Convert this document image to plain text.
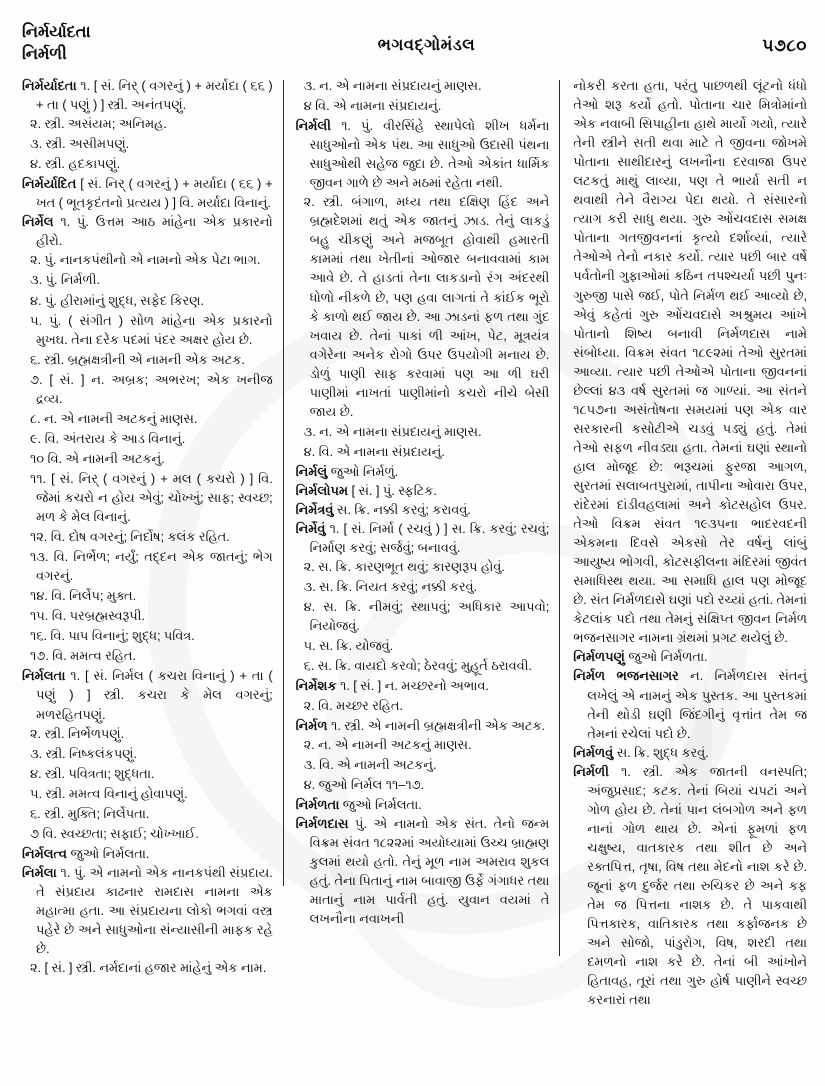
નિર્મર્યાદતા
નિર્મળી	ભગવદ્ગોમંડલ	૫૭૮૦
નિર્મર્યાદતા ૧. [ સં. નિર્ ( વગરનું ) + મર્યાદા ( ૬૬ ) + તા ( પણું ) ] સ્ત્રી. અનંતપણું.
૨. સ્ત્રી. અસંયમ; અનિમહ.
૩. સ્ત્રી. અસીમપણું.
૪. સ્ત્રી. હદકાપણું.
નિર્મર્યાદિત [ સં. નિર્ ( વગરનું ) + મર્યાદા ( ૬૬ ) + ખત ( ભૂતકૃદંતનો પ્રત્યય ) ] વિ. મર્યાદા વિનાનું.
નિર્મેલ ૧. પું. ઉત્તમ આઠ માંહેના એક પ્રકારનો હીરો.
૨. પું. નાનકપંથીનો એ નામનો એક પેટા ભાગ.
૩. પું. નિર્મળી.
૪. પું. હીરામાંનું શુદ્ધ, સફેદ કિરણ.
૫. પું. ( સંગીત ) સોળ માંહેના એક પ્રકારનો મુખઘ. તેના દરેક પદમાં પંદર અક્ષર હોય છે.
૬. સ્ત્રી. બ્રહ્મક્ષત્રીની એ નામની એક અટક.
૭. [ સં. ] ન. અબ્રક; અભરખ; એક ખનીજ દ્રવ્ય.
૮. ન. એ નામની અટકનું માણસ.
૯. વિ. અંતરાય કે આડ વિનાનું.
૧૦ વિ. એ નામની અટકનું.
૧૧. [ સં. નિર્ ( વગરનું ) + મલ ( કચરો ) ] વિ. જેમાં કચરો ન હોય એવું; ચોખ્ખું; સાફ; સ્વચ્છ; મળ કે મેલ વિનાનું.
૧૨. વિ. દોષ વગરનું; નિર્દોષ; કલંક રહિત.
૧૩. વિ. નિર્ભેળ; નર્યું; તદ્દન એક જાતનું; ભેગ વગરનું.
૧૪. વિ. નિર્લેપ; મુક્ત.
૧૫. વિ. પરબ્રહ્મસ્વરૂપી.
૧૬. વિ. પાપ વિનાનું; શુદ્ધ; પવિત્ર.
૧૭. વિ. મમત્વ રહિત.
નિર્મલતા ૧. [ સં. નિર્મલ ( કચરા વિનાનું ) + તા ( પણું ) ] સ્ત્રી. કચરા કે મેલ વગરનું; મળરહિતપણું.
૨. સ્ત્રી. નિર્ભેળપણું.
૩. સ્ત્રી. નિષ્કલંકપણું.
૪. સ્ત્રી. પવિત્રતા; શુદ્ધતા.
૫. સ્ત્રી. મમત્વ વિનાનું હોવાપણું.
૬. સ્ત્રી. મુક્તિ; નિર્લેપતા.
૭ વિ. સ્વચ્છતા; સફાઈ; ચોખ્ખાઈ.
નિર્મલત્વ જુઓ નિર્મલતા.
નિર્મલા ૧. પું. એ નામનો એક નાનકપંથી સંપ્રદાય. તે સંપ્રદાય કાઢનાર રામદાસ નામના એક મહાત્મા હતા. આ સંપ્રદાયના લોકો ભગવાં વસ્ત્ર પહેરે છે અને સાધુઓના સંન્યાસીની માફક રહે છે.
૨. [ સં. ] સ્ત્રી. નર્મદાનાં હજાર માંહેનું એક નામ.
૩. ન. એ નામના સંપ્રદાયનું માણસ.
૪ વિ. એ નામના સંપ્રદાયનું.
નિર્મલી ૧. પું. વીરસિંહે સ્થાપેલો શીખ ધર્મના સાધુઓનો એક પંથ. આ સાધુઓ ઉદાસી પંથના સાધુઓથી સહેજ જુદા છે. તેઓ એકાંત ધાર્મિક જીવન ગાળે છે અને મઠમાં રહેતા નથી.
૨. સ્ત્રી. બંગાળ, મધ્ય તથા દક્ષિણ હિંદ અને બ્રહ્મદેશમાં થતું એક જાતનું ઝાડ. તેનું લાકડું બહુ ચીકણું અને મજબૂત હોવાથી હમારતી કામમાં તથા ખેતીનાં ઓજાર બનાવવામાં કામ આવે છે. તે હાડતાં તેના લાકડાનો રંગ અંદરથી ધોળો નીકળે છે, પણ હવા લાગતાં તે કાંઈક ભૂરો કે કાળો થઈ જાય છે. આ ઝાડનાં ફળ તથા ગુંદ ખવાય છે. તેનાં પાકાં ળી આંખ, પેટ, મૂત્રયંત્ર વગેરેના અનેક રોગો ઉપર ઉપયોગી મનાય છે. ડોળું પાણી સાફ કરવામાં પણ આ ળી ઘરી પાણીમાં નાખતાં પાણીમાંનો કચરો નીચે બેસી જાય છે.
૩. ન. એ નામના સંપ્રદાયનું માણસ.
૪. વિ. એ નામના સંપ્રદાયનું.
નિર્મલું જુઓ નિર્મળું.
નિર્મલોપમ [ સં. ] પું. સ્ફટિક.
નિર્મેત્રવું સ. ક્રિ. નક્કી કરવું; કરાવવું.
નિર્મેવું ૧. [ સં. નિર્મા ( રચવું ) ] સ. ક્રિ. કરવું; રચવું; નિર્માણ કરવું; સર્જવું; બનાવવું.
૨. સ. ક્રિ. કારણભૂત થવું; કારણરૂપ હોવું.
૩. સ. ક્રિ. નિયત કરવું; નક્કી કરવું.
૪. સ. ક્રિ. નીમવું; સ્થાપવું; અધિકાર આપવો; નિયોજવું.
૫. સ. ક્રિ. યોજવું.
૬. સ. ક્રિ. વાયદો કરવો; ઠેરવવું; મુહૂર્ત ઠરાવવી.
નિર્મેશક ૧. [ સં. ] ન. મચ્છરનો અભાવ.
૨. વિ. મચ્છર રહિત.
નિર્મળ ૧. સ્ત્રી. એ નામની બ્રહ્મક્ષત્રીની એક અટક.
૨. ન. એ નામની અટકનું માણસ.
૩. વિ. એ નામની અટકનું.
૪. જુઓ નિર્મલ ૧૧–૧૭.
નિર્મળતા જુઓ નિર્મલતા.
નિર્મળદાસ પું. એ નામનો એક સંત. તેનો જન્મ વિક્રમ સંવત ૧૮૨૨માં અયોધ્યામાં ઉચ્ચ બ્રાહ્મણ કુલમાં થયો હતો. તેનું મૂળ નામ અમરાવ શુકલ હતું. તેના પિતાનું નામ બાવાજી ઉર્ફે ગંગાધર તથા માતાનું નામ પાર્વતી હતું. યુવાન વયમાં તે લખનૌના નવાખની
નોકરી કરતા હતા, પરંતુ પાછળથી લૂંટનો ધંધો તેઓ શરૂ કર્યો હતો. પોતાના ચાર મિત્રોમાંનો એક નવાબી સિપાહીના હાથે માર્યો ગયો, ત્યારે તેની સ્ત્રીને સતી થવા માટે તે જીવના જોખમે પોતાના સાથીદારનું લખનૌના દરવાજા ઉપર લટકતું માથું લાવ્યા, પણ તે ભાર્યા સતી ન થવાથી તેને વૈરાગ્ય પેદા થયો. તે સંસારનો ત્યાગ કરી સાધુ થયા. ગુરુ ઓંચવદાસ સમક્ષ પોતાના ગતજીવનનાં કૃત્યો દર્શાવ્યાં, ત્યારે તેઓએ તેનો નકાર કર્યો. ત્યાર પછી બાર વર્ષે પર્વતોની ગુફાઓમાં કઠિન તપશ્ચર્યા પછી પુનઃ ગુરુજી પાસે જઈ, પોતે નિર્મળ થઈ આવ્યો છે, એવું કહેતાં ગુરુ ઓંચવદાસે અશ્રુમય આંખે પોતાનો શિષ્ય બનાવી નિર્મળદાસ નામે સંબોધ્યા. વિક્રમ સંવત ૧૮૯૨માં તેઓ સુરતમાં આવ્યા. ત્યાર પછી તેઓએ પોતાના જીવનનાં છેલ્લાં ૪૩ વર્ષ સુરતમાં જ ગાળ્યાં. આ સંતને ૧૮૫૭ના અસંતોષના સમયમાં પણ એક વાર સરકારની કસોટીએ ચડવું પડ્યું હતું. તેમાં તેઓ સફળ નીવડ્યા હતા. તેમનાં ઘણાં સ્થાનો હાલ મોજૂદ છે: ભરૂચમાં ફુરજા આગળ, સુરતમાં સલાબતપુરામાં, તાપીના ઓવારા ઉપર, રાંદેરમાં દાંડીવહલામાં અને કોટસહોલ ઉપર. તેઓ વિક્રમ સંવત ૧૯૩૫ના ભાદરવદની એકમના દિવસે એકસો તેર વર્ષનું લાંબું આયુષ્ય ભોગવી, કોટસફીલના મંદિરમાં જીવંત સમાધિસ્થ થયા. આ સમાધિ હાલ પણ મોજૂદ છે. સંત નિર્મળદાસે ઘણાં પદો રચ્યાં હતાં. તેમનાં કેટલાંક પદો તથા તેમનું સંક્ષિપ્ત જીવન નિર્મળ ભજનસાગર નામના ગ્રંથમાં પ્રગટ થયેલું છે.
નિર્મળપણું જુઓ નિર્મળતા.
નિર્મળ ભજનસાગર ન. નિર્મળદાસ સંતનું લખેલું એ નામનું એક પુસ્તક. આ પુસ્તકમાં તેની થોડી ઘણી જિંદગીનું વૃત્તાંત તેમ જ તેમનાં રચેલાં પદો છે.
નિર્મળવું સ. ક્રિ. શુદ્ધ કરવું.
નિર્મળી ૧. સ્ત્રી. એક જાતની વનસ્પતિ; અંજુપ્રસાદ; કટક. તેનાં બિયાં ચપટાં અને ગોળ હોય છે. તેનાં પાન લંબગોળ અને ફળ નાનાં ગોળ થાય છે. એનાં ફૂમળાં ફળ ચક્ષુષ્ય, વાતકારક તથા શીત છે અને રક્તપિત્ત, તૃષા, વિષ તથા મેદનો નાશ કરે છે. જૂનાં ફળ દુર્જર તથા રુચિકર છે અને કફ તેમ જ પિત્તના નાશક છે. તે પાકવાથી પિત્તકારક, વાતિકારક તથા કર્ફાજનક છે અને સોજો, પાંડુરોગ, વિષ, શરદી તથા દમળનો નાશ કરે છે. તેનાં બી આંખોને હિતાવહ, તૂરાં તથા ગુરુ હોર્ષ પાણીને સ્વચ્છ કરનારાં તથા
